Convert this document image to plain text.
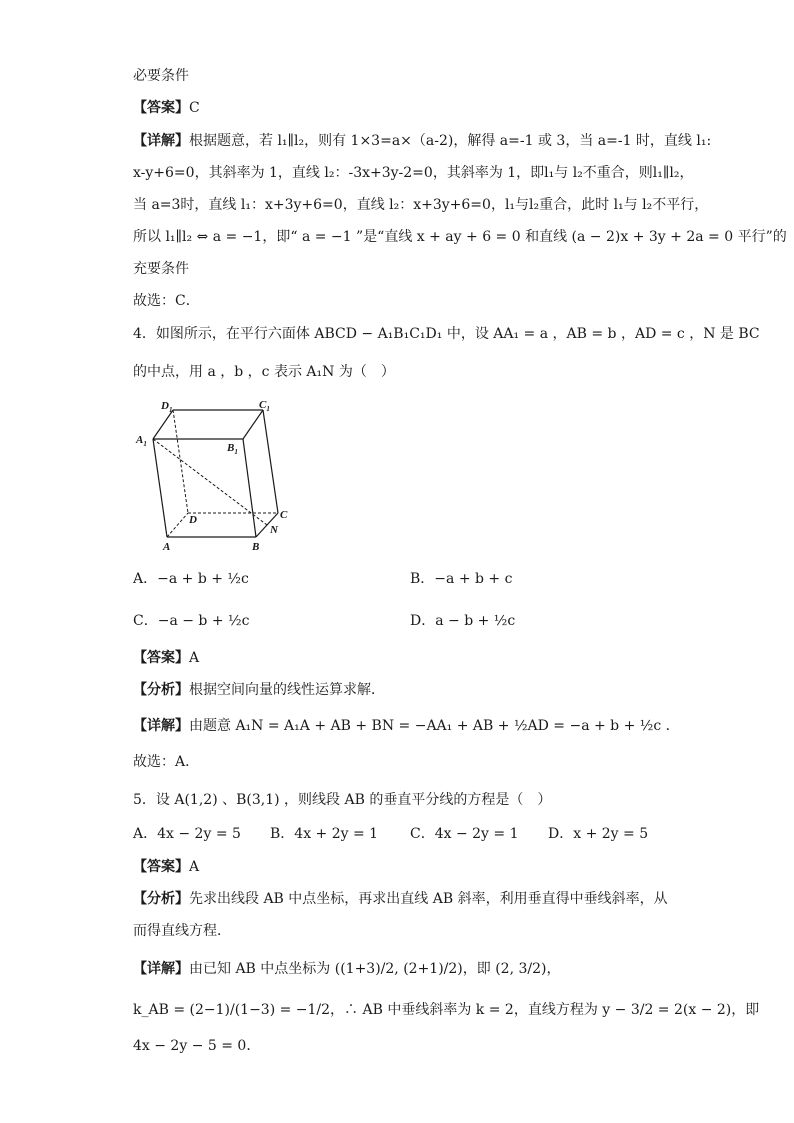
必要条件
【答案】C
【详解】根据题意，若 l₁∥l₂，则有 1×3=a×（a-2)，解得 a=-1 或 3，当 a=-1 时，直线 l₁:
x-y+6=0，其斜率为 1，直线 l₂：-3x+3y-2=0，其斜率为 1，即l₁与 l₂不重合，则l₁∥l₂，
当 a=3时，直线 l₁：x+3y+6=0，直线 l₂：x+3y+6=0，l₁与l₂重合，此时 l₁与 l₂不平行，
所以 l₁∥l₂ ⇔ a = −1，即“ a = −1 ”是“直线 x + ay + 6 = 0 和直线 (a − 2)x + 3y + 2a = 0 平行”的
充要条件
故选：C．
4．如图所示，在平行六面体 ABCD − A₁B₁C₁D₁ 中，设 AA₁ = a ，AB = b ，AD = c ，N 是 BC
的中点，用 a ，b ，c 表示 A₁N 为（　）
$D_1$	$C_1$
$A_1$	$B_1$
D	C
N
A	B
A．−a + b + ½c	B．−a + b + c
C．−a − b + ½c	D．a − b + ½c
【答案】A
【分析】根据空间向量的线性运算求解．
【详解】由题意 A₁N = A₁A + AB + BN = −AA₁ + AB + ½AD = −a + b + ½c ．
故选：A．
5．设 A(1,2) 、B(3,1) ，则线段 AB 的垂直平分线的方程是（　）
A．4x − 2y = 5 B．4x + 2y = 1 C．4x − 2y = 1 D．x + 2y = 5
【答案】A
【分析】先求出线段 AB 中点坐标，再求出直线 AB 斜率，利用垂直得中垂线斜率，从
而得直线方程．
【详解】由已知 AB 中点坐标为 ((1+3)/2, (2+1)/2)，即 (2, 3/2)，
k_AB = (2−1)/(1−3) = −1/2，∴ AB 中垂线斜率为 k = 2，直线方程为 y − 3/2 = 2(x − 2)，即
4x − 2y − 5 = 0．
